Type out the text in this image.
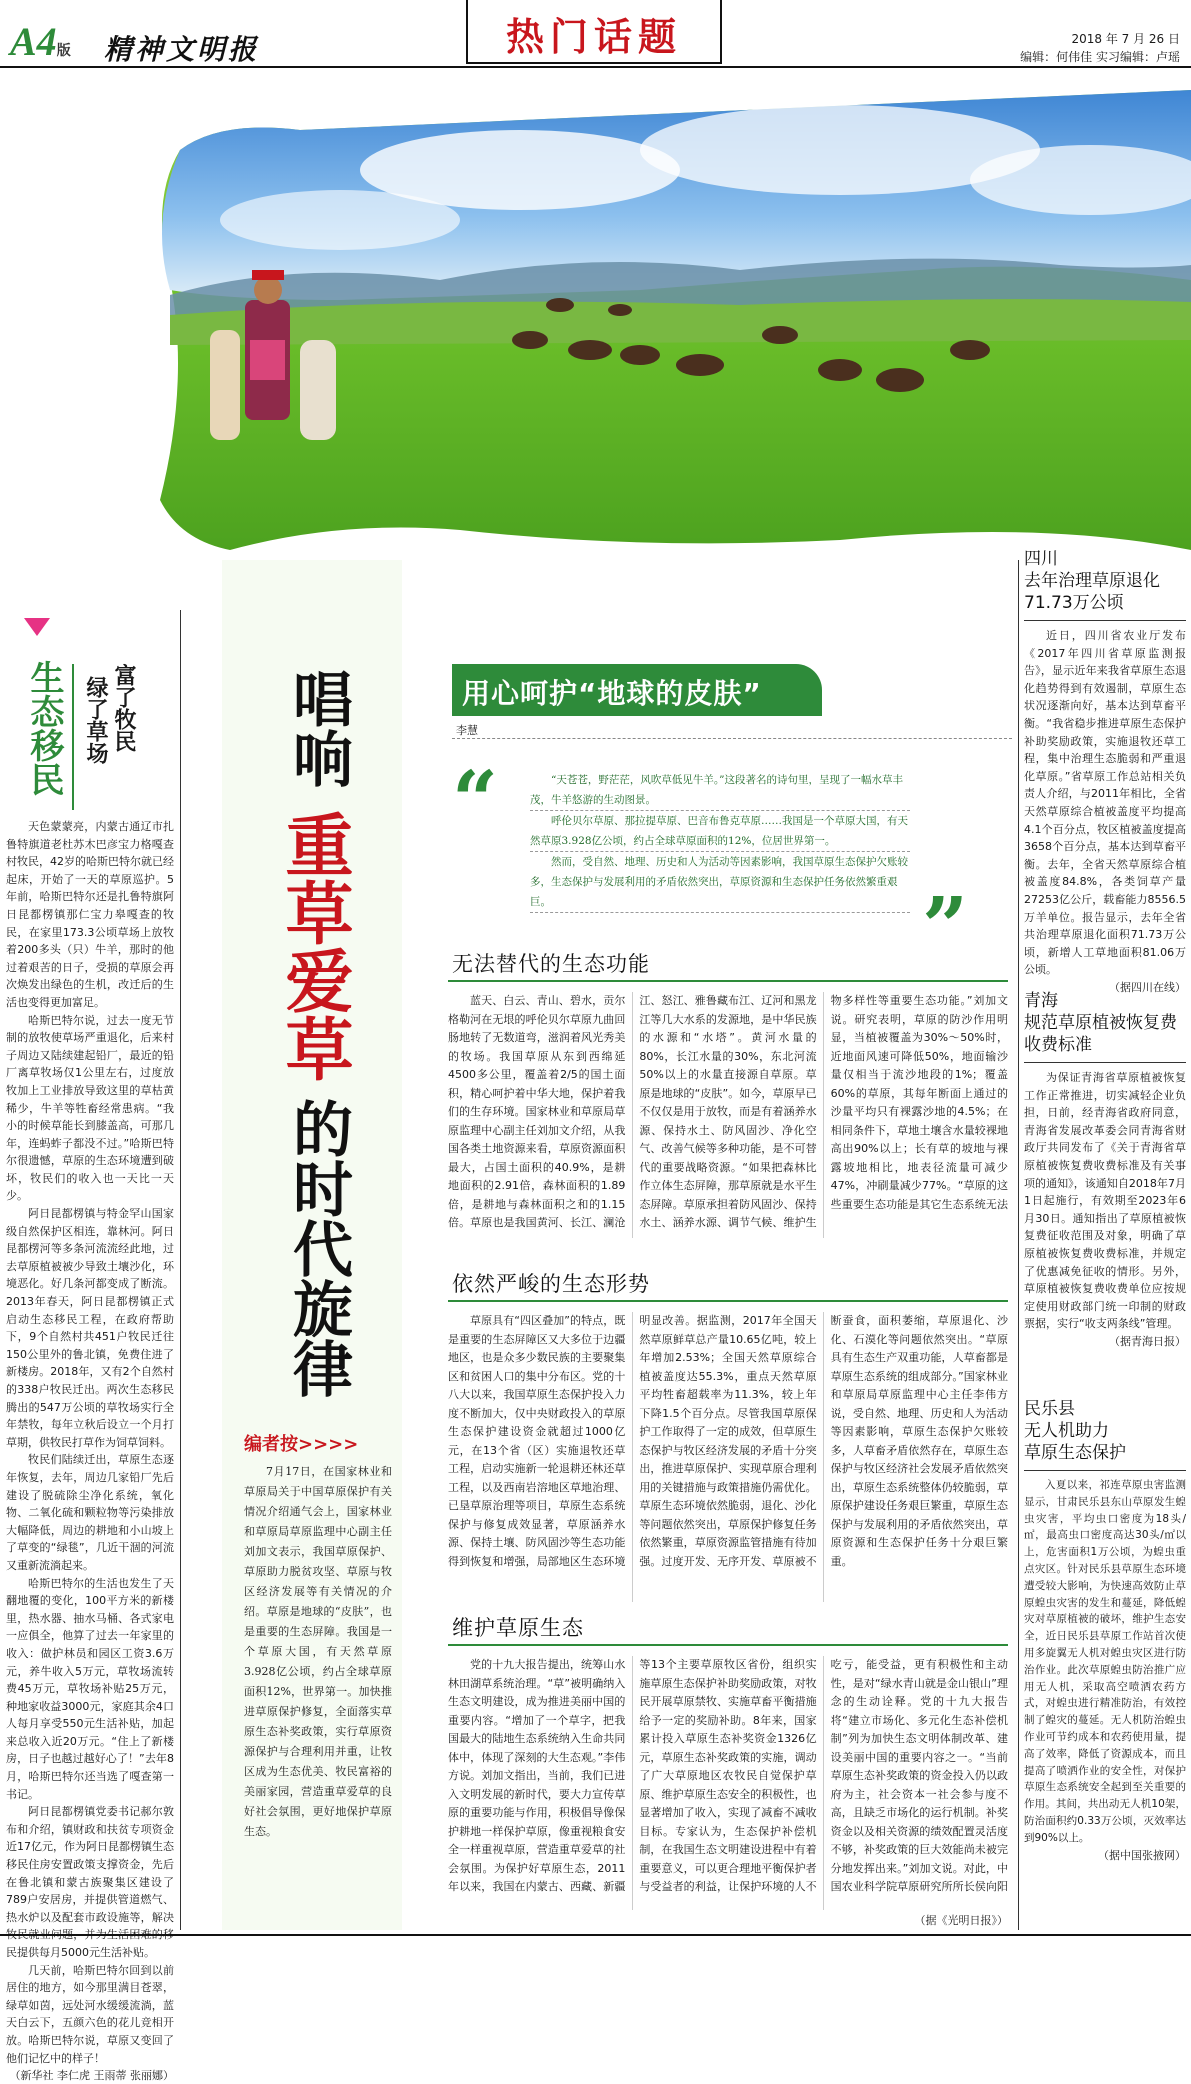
A4版 精神文明报	热门话题	2018 年 7 月 26 日
编辑：何伟佳 实习编辑：卢瑶
生态移民 绿了草场 富了牧民

天色蒙蒙亮，内蒙古通辽市扎鲁特旗道老杜苏木巴彦宝力格嘎查村牧民，42岁的哈斯巴特尔就已经起床，开始了一天的草原巡护。5年前，哈斯巴特尔还是扎鲁特旗阿日昆都楞镇那仁宝力皋嘎查的牧民，在家里173.3公顷草场上放牧着200多头（只）牛羊，那时的他过着艰苦的日子，受损的草原会再次焕发出绿色的生机，改迁后的生活也变得更加富足。

哈斯巴特尔说，过去一度无节制的放牧使草场严重退化，后来村子周边又陆续建起铅厂，最近的铅厂离草牧场仅1公里左右，过度放牧加上工业排放导致这里的草枯黄稀少，牛羊等牲畜经常患病。“我小的时候草能长到膝盖高，可那几年，连蚂蚱子都没不过。”哈斯巴特尔很遗憾，草原的生态环境遭到破坏，牧民们的收入也一天比一天少。

阿日昆都楞镇与特金罕山国家级自然保护区相连，靠林河。阿日昆都楞河等多条河流流经此地，过去草原植被被少导致土壤沙化，环境恶化。好几条河都变成了断流。2013年春天，阿日昆都楞镇正式启动生态移民工程，在政府帮助下，9个自然村共451户牧民迁往150公里外的鲁北镇，免费住进了新楼房。2018年，又有2个自然村的338户牧民迁出。两次生态移民腾出的547万公顷的草牧场实行全年禁牧，每年立秋后设立一个月打草期，供牧民打草作为饲草饲料。

牧民们陆续迁出，草原生态逐年恢复，去年，周边几家铅厂先后建设了脱硫除尘净化系统，氧化物、二氧化硫和颗粒物等污染排放大幅降低，周边的耕地和小山坡上了草变的“绿毯”，几近干涸的河流又重新流淌起来。

哈斯巴特尔的生活也发生了天翻地覆的变化，100平方米的新楼里，热水器、抽水马桶、各式家电一应俱全，他算了过去一年家里的收入：做护林员和园区工资3.6万元，养牛收入5万元，草牧场流转费45万元，草牧场补贴25万元，种地家收益3000元，家庭其余4口人每月享受550元生活补贴，加起来总收入近20万元。“住上了新楼房，日子也越过越好心了！”去年8月，哈斯巴特尔还当选了嘎查第一书记。

阿日昆都楞镇党委书记郝尔敦布和介绍，镇财政和扶贫专项资金近17亿元，作为阿日昆都楞镇生态移民住房安置政策支撑资金，先后在鲁北镇和蒙古族聚集区建设了789户安居房，并提供管道燃气、热水炉以及配套市政设施等，解决牧民就业问题，并为生活困难的移民提供每月5000元生活补贴。

几天前，哈斯巴特尔回到以前居住的地方，如今那里满目苍翠，绿草如茵，远处河水缓缓流淌，蓝天白云下，五颜六色的花儿竞相开放。哈斯巴特尔说，草原又变回了他们记忆中的样子！

（新华社 李仁虎 王雨蒂 张丽娜）
唱响
重草爱草
的时代旋律
编者按>>>>

7月17日，在国家林业和草原局关于中国草原保护有关情况介绍通气会上，国家林业和草原局草原监理中心副主任刘加文表示，我国草原保护、草原助力脱贫攻坚、草原与牧区经济发展等有关情况的介绍。草原是地球的“皮肤”，也是重要的生态屏障。我国是一个草原大国，有天然草原3.928亿公顷，约占全球草原面积12%，世界第一。加快推进草原保护修复，全面落实草原生态补奖政策，实行草原资源保护与合理利用并重，让牧区成为生态优美、牧民富裕的美丽家园，营造重草爱草的良好社会氛围，更好地保护草原生态。

用心呵护“地球的皮肤”
李慧
“
”
“天苍苍，野茫茫，风吹草低见牛羊。”这段著名的诗句里，呈现了一幅水草丰茂，牛羊悠游的生动图景。
呼伦贝尔草原、那拉提草原、巴音布鲁克草原……我国是一个草原大国，有天然草原3.928亿公顷，约占全球草原面积的12%，位居世界第一。
然而，受自然、地理、历史和人为活动等因素影响，我国草原生态保护欠账较多，生态保护与发展利用的矛盾依然突出，草原资源和生态保护任务依然繁重艰巨。
无法替代的生态功能

蓝天、白云、青山、碧水，贡尔格勒河在无垠的呼伦贝尔草原九曲回肠地转了无数道弯，滋润着风光秀美的牧场。我国草原从东到西绵延4500多公里，覆盖着2/5的国土面积，精心呵护着中华大地，保护着我们的生存环境。国家林业和草原局草原监理中心副主任刘加文介绍，从我国各类土地资源来看，草原资源面积最大，占国土面积的40.9%，是耕地面积的2.91倍，森林面积的1.89倍，是耕地与森林面积之和的1.15倍。草原也是我国黄河、长江、澜沧江、怒江、雅鲁藏布江、辽河和黑龙江等几大水系的发源地，是中华民族的水源和“水塔”。黄河水量的80%，长江水量的30%，东北河流50%以上的水量直接源自草原。草原是地球的“皮肤”。如今，草原早已不仅仅是用于放牧，而是有着涵养水源、保持水土、防风固沙、净化空气、改善气候等多种功能，是不可替代的重要战略资源。“如果把森林比作立体生态屏障，那草原就是水平生态屏障。草原承担着防风固沙、保持水土、涵养水源、调节气候、维护生物多样性等重要生态功能。”刘加文说。研究表明，草原的防沙作用明显，当植被覆盖为30%～50%时，近地面风速可降低50%，地面输沙量仅相当于流沙地段的1%；覆盖60%的草原，其每年断面上通过的沙量平均只有裸露沙地的4.5%；在相同条件下，草地土壤含水量较裸地高出90%以上；长有草的坡地与裸露坡地相比，地表径流量可减少47%，冲刷量减少77%。“草原的这些重要生态功能是其它生态系统无法

依然严峻的生态形势

草原具有“四区叠加”的特点，既是重要的生态屏障区又大多位于边疆地区，也是众多少数民族的主要聚集区和贫困人口的集中分布区。党的十八大以来，我国草原生态保护投入力度不断加大，仅中央财政投入的草原生态保护建设资金就超过1000亿元，在13个省（区）实施退牧还草工程，启动实施新一轮退耕还林还草工程，以及西南岩溶地区草地治理、已垦草原治理等项目，草原生态系统保护与修复成效显著，草原涵养水源、保持土壤、防风固沙等生态功能得到恢复和增强，局部地区生态环境明显改善。据监测，2017年全国天然草原鲜草总产量10.65亿吨，较上年增加2.53%；全国天然草原综合植被盖度达55.3%，重点天然草原平均牲畜超载率为11.3%，较上年下降1.5个百分点。尽管我国草原保护工作取得了一定的成效，但草原生态保护与牧区经济发展的矛盾十分突出，推进草原保护、实现草原合理利用的关键措施与政策措施仍需优化。草原生态环境依然脆弱，退化、沙化等问题依然突出，草原保护修复任务依然繁重，草原资源监管措施有待加强。过度开发、无序开发、草原被不断蚕食，面积萎缩，草原退化、沙化、石漠化等问题依然突出。“草原具有生态生产双重功能，人草畜都是草原生态系统的组成部分。”国家林业和草原局草原监理中心主任李伟方说，受自然、地理、历史和人为活动等因素影响，草原生态保护欠账较多，人草畜矛盾依然存在，草原生态保护与牧区经济社会发展矛盾依然突出，草原生态系统整体仍较脆弱，草原保护建设任务艰巨繁重，草原生态保护与发展利用的矛盾依然突出，草原资源和生态保护任务十分艰巨繁重。

维护草原生态

党的十九大报告提出，统筹山水林田湖草系统治理。“草”被明确纳入生态文明建设，成为推进美丽中国的重要内容。“增加了一个草字，把我国最大的陆地生态系统纳入生命共同体中，体现了深刻的大生态观。”李伟方说。刘加文指出，当前，我们已进入文明发展的新时代，要大力宣传草原的重要功能与作用，积极倡导像保护耕地一样保护草原，像重视粮食安全一样重视草原，营造重草爱草的社会氛围。为保护好草原生态，2011年以来，我国在内蒙古、西藏、新疆等13个主要草原牧区省份，组织实施草原生态保护补助奖励政策，对牧民开展草原禁牧、实施草畜平衡措施给予一定的奖励补助。8年来，国家累计投入草原生态补奖资金1326亿元，草原生态补奖政策的实施，调动了广大草原地区农牧民自觉保护草原、维护草原生态安全的积极性，也显著增加了收入，实现了减畜不减收目标。专家认为，生态保护补偿机制，在我国生态文明建设进程中有着重要意义，可以更合理地平衡保护者与受益者的利益，让保护环境的人不吃亏，能受益，更有积极性和主动性，是对“绿水青山就是金山银山”理念的生动诠释。党的十九大报告将“建立市场化、多元化生态补偿机制”列为加快生态文明体制改革、建设美丽中国的重要内容之一。“当前草原生态补奖政策的资金投入仍以政府为主，社会资本一社会参与度不高，且缺乏市场化的运行机制。补奖资金以及相关资源的绩效配置灵活度不够，补奖政策的巨大效能尚未被完分地发挥出来。”刘加文说。对此，中国农业科学院草原研究所所长侯向阳

（据《光明日报》）
四川
去年治理草原退化
71.73万公顷

近日，四川省农业厅发布《2017年四川省草原监测报告》，显示近年来我省草原生态退化趋势得到有效遏制，草原生态状况逐渐向好，基本达到草畜平衡。“我省稳步推进草原生态保护补助奖励政策，实施退牧还草工程，集中治理生态脆弱和严重退化草原。”省草原工作总站相关负责人介绍，与2011年相比，全省天然草原综合植被盖度平均提高4.1个百分点，牧区植被盖度提高3658个百分点，基本达到草畜平衡。去年，全省天然草原综合植被盖度84.8%，各类饲草产量27253亿公斤，载畜能力8556.5万羊单位。报告显示，去年全省共治理草原退化面积71.73万公顷，新增人工草地面积81.06万公顷。

（据四川在线）
青海
规范草原植被恢复费
收费标准

为保证青海省草原植被恢复工作正常推进，切实减轻企业负担，日前，经青海省政府同意，青海省发展改革委会同青海省财政厅共同发布了《关于青海省草原植被恢复费收费标准及有关事项的通知》，该通知自2018年7月1日起施行，有效期至2023年6月30日。通知指出了草原植被恢复费征收范围及对象，明确了草原植被恢复费收费标准，并规定了优惠减免征收的情形。另外，草原植被恢复费收费单位应按规定使用财政部门统一印制的财政票据，实行“收支两条线”管理。

（据青海日报）
民乐县
无人机助力
草原生态保护

入夏以来，祁连草原虫害监测显示，甘肃民乐县东山草原发生蝗虫灾害，平均虫口密度为18头/㎡，最高虫口密度高达30头/㎡以上，危害面积1万公顷，为蝗虫重点灾区。针对民乐县草原生态环境遭受较大影响，为快速高效防止草原蝗虫灾害的发生和蔓延，降低蝗灾对草原植被的破坏，维护生态安全，近日民乐县草原工作站首次使用多旋翼无人机对蝗虫灾区进行防治作业。此次草原蝗虫防治推广应用无人机，采取高空喷洒农药方式，对蝗虫进行精准防治，有效控制了蝗灾的蔓延。无人机防治蝗虫作业可节约成本和农药使用量，提高了效率，降低了资源成本，而且提高了喷洒作业的安全性，对保护草原生态系统安全起到至关重要的作用。其间，共出动无人机10架，防治面积约0.33万公顷，灭效率达到90%以上。

（据中国张掖网）
